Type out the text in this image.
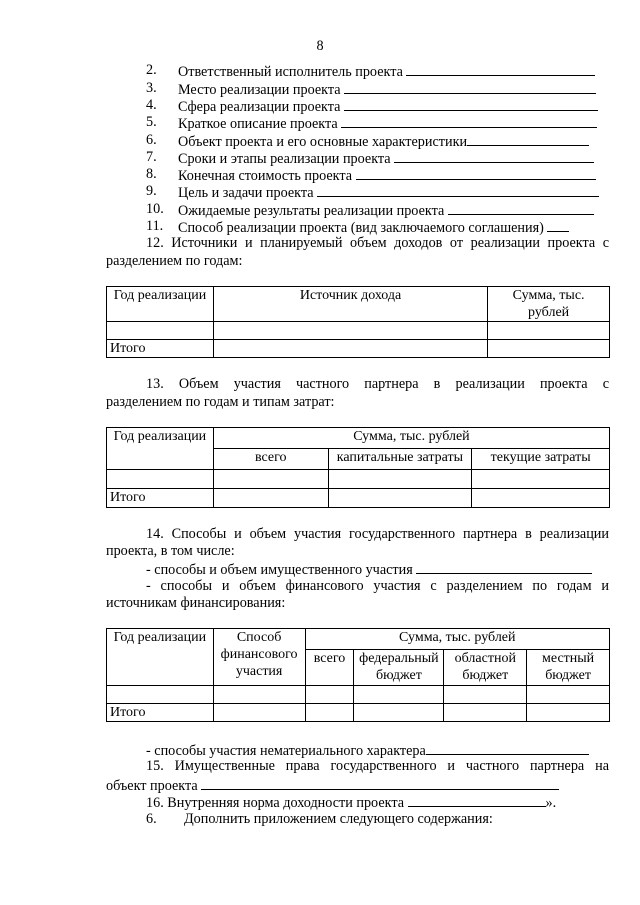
8
2. Ответственный исполнитель проекта
3. Место реализации проекта
4. Сфера реализации проекта
5. Краткое описание проекта
6. Объект проекта и его основные характеристики
7. Сроки и этапы реализации проекта
8. Конечная стоимость проекта
9. Цель и задачи проекта
10. Ожидаемые результаты реализации проекта
11. Способ реализации проекта (вид заключаемого соглашения)
12. Источники и планируемый объем доходов от реализации проекта с
разделением по годам:
Год реализации	Источник дохода	Сумма, тыс. рублей

Итого		
13. Объем участия частного партнера в реализации проекта с
разделением по годам и типам затрат:
Год реализации	Сумма, тыс. рублей		
	всего	капитальные затраты	текущие затраты

Итого			
14. Способы и объем участия государственного партнера в реализации
проекта, в том числе:
- способы и объем имущественного участия
- способы и объем финансового участия с разделением по годам и
источникам финансирования:
Год реализации	Способ финансового участия	Сумма, тыс. рублей			
		всего	федеральный бюджет	областной бюджет	местный бюджет

Итого					
- способы участия нематериального характера
15. Имущественные права государственного и частного партнера на
объект проекта
16. Внутренняя норма доходности проекта	».
6. Дополнить приложением следующего содержания:
